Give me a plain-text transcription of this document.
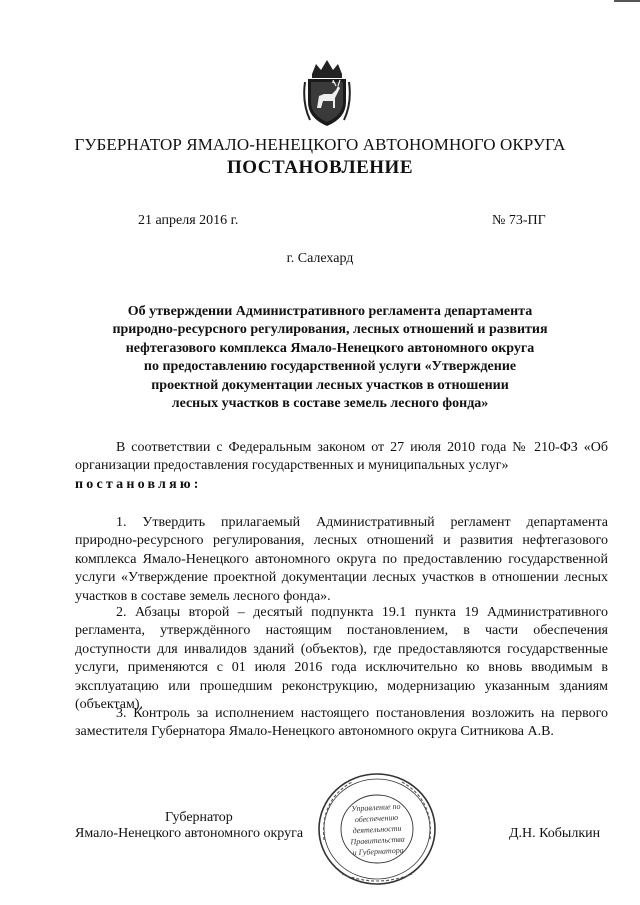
ГУБЕРНАТОР ЯМАЛО-НЕНЕЦКОГО АВТОНОМНОГО ОКРУГА
ПОСТАНОВЛЕНИЕ
21 апреля 2016 г.	№ 73-ПГ
г. Салехард
Об утверждении Административного регламента департамента
природно-ресурсного регулирования, лесных отношений и развития
нефтегазового комплекса Ямало-Ненецкого автономного округа
по предоставлению государственной услуги «Утверждение
проектной документации лесных участков в отношении
лесных участков в составе земель лесного фонда»

В соответствии с Федеральным законом от 27 июля 2010 года № 210-ФЗ «Об организации предоставления государственных и муниципальных услуг»
постановляю:

1. Утвердить прилагаемый Административный регламент департамента природно-ресурсного регулирования, лесных отношений и развития нефтегазового комплекса Ямало-Ненецкого автономного округа по предоставлению государственной услуги «Утверждение проектной документации лесных участков в отношении лесных участков в составе земель лесного фонда».

2. Абзацы второй – десятый подпункта 19.1 пункта 19 Административного регламента, утверждённого настоящим постановлением, в части обеспечения доступности для инвалидов зданий (объектов), где предоставляются государственные услуги, применяются с 01 июля 2016 года исключительно ко вновь вводимым в эксплуатацию или прошедшим реконструкцию, модернизацию указанным зданиям (объектам).

3. Контроль за исполнением настоящего постановления возложить на первого заместителя Губернатора Ямало-Ненецкого автономного округа Ситникова А.В.

Губернатор
Ямало-Ненецкого автономного округа	Д.Н. Кобылкин
Управление по
обеспечению
деятельности
Правительства
и Губернатора
